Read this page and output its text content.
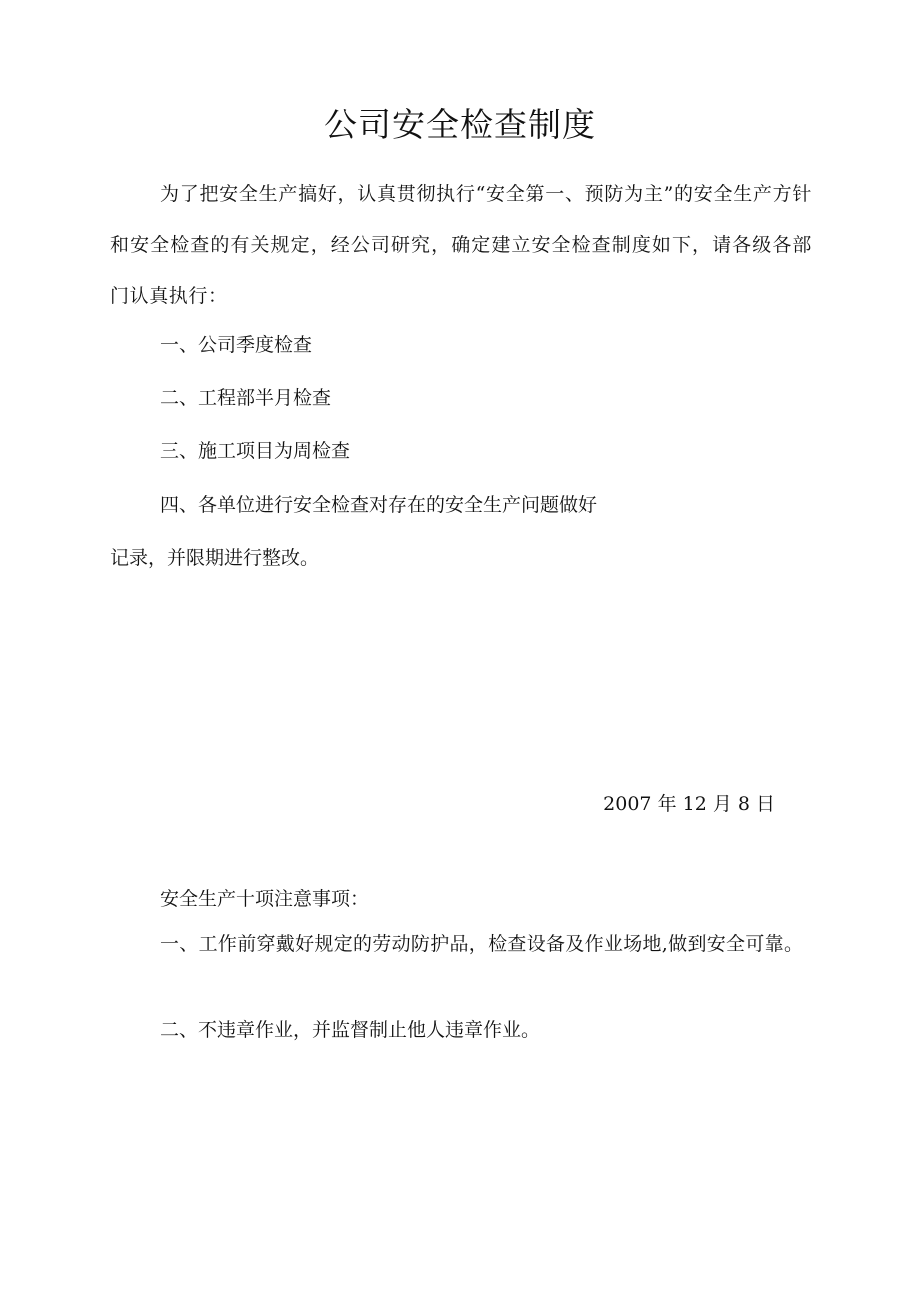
公司安全检查制度
为了把安全生产搞好，认真贯彻执行“安全第一、预防为主”的安全生产方针和安全检查的有关规定，经公司研究，确定建立安全检查制度如下，请各级各部门认真执行：
一、公司季度检查
二、工程部半月检查
三、施工项目为周检查
四、各单位进行安全检查对存在的安全生产问题做好
记录，并限期进行整改。
2007 年 12 月 8 日
安全生产十项注意事项：
一、工作前穿戴好规定的劳动防护品，检查设备及作业场地,做到安全可靠。
二、不违章作业，并监督制止他人违章作业。
